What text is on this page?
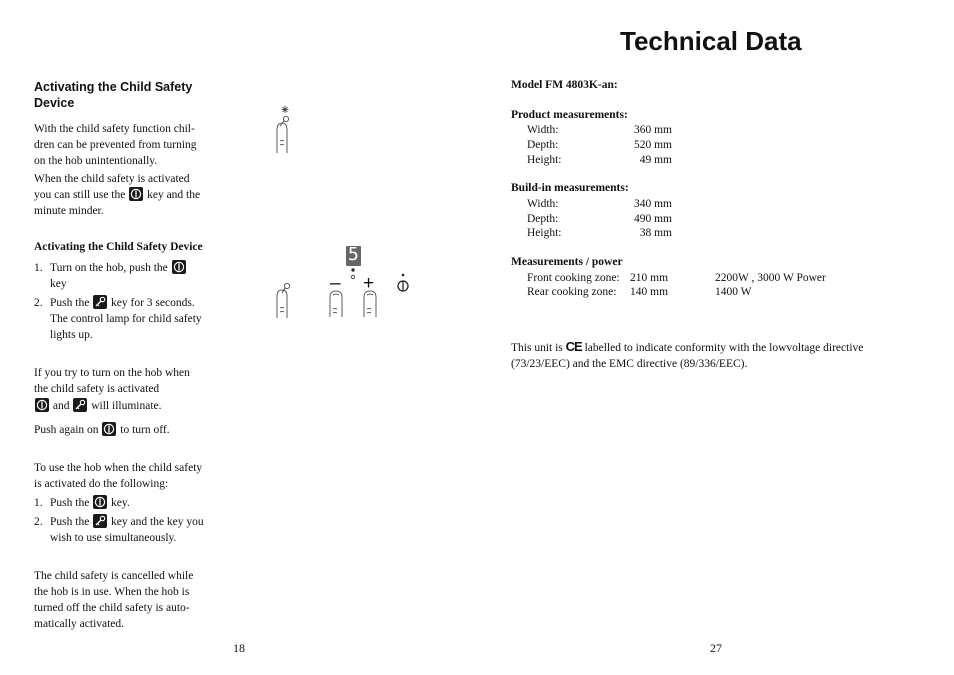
Technical Data
Activating the Child Safety Device

With the child safety function chil-

dren can be prevented from turning

on the hob unintentionally.

When the child safety is activated

you can still use the key and the

minute minder.

Activating the Child Safety Device
1. Turn on the hob, push the

key
2. Push the key for 3 seconds.
The control lamp for child safety
lights up.

If you try to turn on the hob when

the child safety is activated

and will illuminate.

Push again on to turn off.

To use the hob when the child safety

is activated do the following:

1. Push the key.
2. Push the key and the key you
wish to use simultaneously.

The child safety is cancelled while

the hob is in use. When the hob is

turned off the child safety is auto-

matically activated.

18
5
– +
Model FM 4803K-an:
Product measurements:
Width:	360 mm
Depth:	520 mm
Height:	49 mm
Build-in measurements:
Width:	340 mm
Depth:	490 mm
Height:	38 mm
Measurements / power
Front cooking zone: 210 mm	2200W , 3000 W Power
Rear cooking zone: 140 mm	1400 W

This unit is CE labelled to indicate conformity with the lowvoltage directive

(73/23/EEC) and the EMC directive (89/336/EEC).

27
